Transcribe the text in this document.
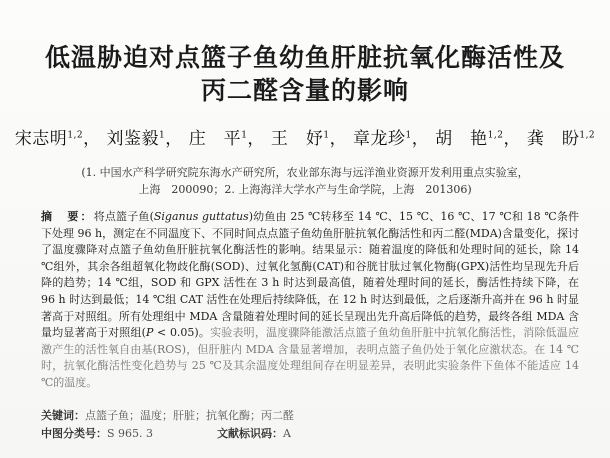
低温胁迫对点篮子鱼幼鱼肝脏抗氧化酶活性及
丙二醛含量的影响
宋志明$^{1,2}$， 刘鉴毅$^1$， 庄　平$^1$， 王　妤$^1$， 章龙珍$^1$， 胡　艳$^{1,2}$， 龚　盼$^{1,2}$
(1. 中国水产科学研究院东海水产研究所，农业部东海与远洋渔业资源开发利用重点实验室，
上海　200090；2. 上海海洋大学水产与生命学院，上海　201306)
摘　要：将点篮子鱼(Siganus guttatus)幼鱼由 25 ℃转移至 14 ℃、15 ℃、16 ℃、17 ℃和 18 ℃条件下处理 96 h，测定在不同温度下、不同时间点点篮子鱼幼鱼肝脏抗氧化酶活性和丙二醛(MDA)含量变化，探讨了温度骤降对点篮子鱼幼鱼肝脏抗氧化酶活性的影响。结果显示：随着温度的降低和处理时间的延长，除 14 ℃组外，其余各组超氧化物歧化酶(SOD)、过氧化氢酶(CAT)和谷胱甘肽过氧化物酶(GPX)活性均呈现先升后降的趋势；14 ℃组，SOD 和 GPX 活性在 3 h 时达到最高值，随着处理时间的延长，酶活性持续下降，在 96 h 时达到最低；14 ℃组 CAT 活性在处理后持续降低，在 12 h 时达到最低，之后逐渐升高并在 96 h 时显著高于对照组。所有处理组中 MDA 含量随着处理时间的延长呈现出先升高后降低的趋势，最终各组 MDA 含量均显著高于对照组(P < 0.05)。实验表明，温度骤降能激活点篮子鱼幼鱼肝脏中抗氧化酶活性，消除低温应激产生的活性氧自由基(ROS)，但肝脏内 MDA 含量显著增加，表明点篮子鱼仍处于氧化应激状态。在 14 ℃时，抗氧化酶活性变化趋势与 25 ℃及其余温度处理组间存在明显差异，表明此实验条件下鱼体不能适应 14 ℃的温度。
关键词：点篮子鱼；温度；肝脏；抗氧化酶；丙二醛
中图分类号：S 965. 3	文献标识码：A
